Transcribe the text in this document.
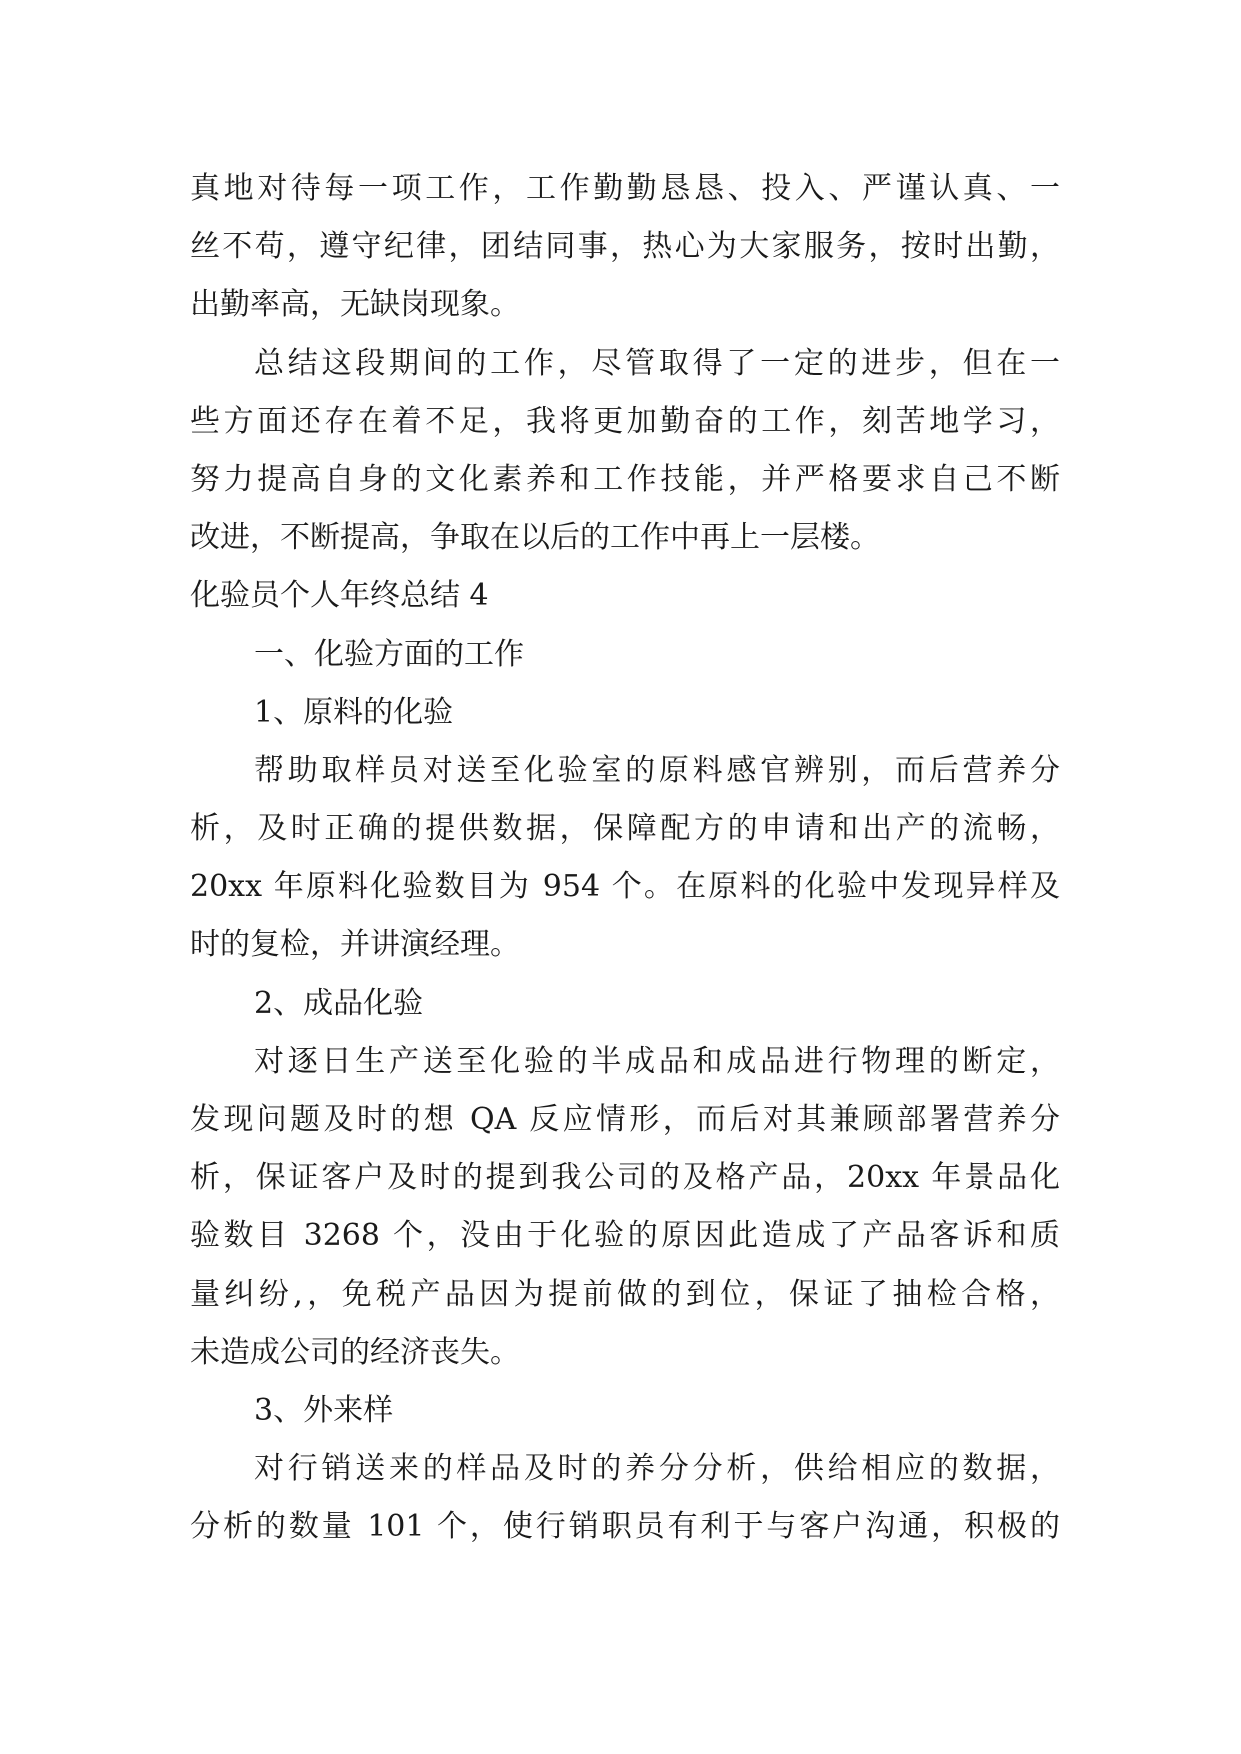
真地对待每一项工作，工作勤勤恳恳、投入、严谨认真、一
丝不苟，遵守纪律，团结同事，热心为大家服务，按时出勤，
出勤率高，无缺岗现象。
总结这段期间的工作，尽管取得了一定的进步，但在一
些方面还存在着不足，我将更加勤奋的工作，刻苦地学习，
努力提高自身的文化素养和工作技能，并严格要求自己不断
改进，不断提高，争取在以后的工作中再上一层楼。
化验员个人年终总结 4
一、化验方面的工作
1、原料的化验
帮助取样员对送至化验室的原料感官辨别，而后营养分
析，及时正确的提供数据，保障配方的申请和出产的流畅，
20xx 年原料化验数目为 954 个。在原料的化验中发现异样及
时的复检，并讲演经理。
2、成品化验
对逐日生产送至化验的半成品和成品进行物理的断定，
发现问题及时的想 QA 反应情形，而后对其兼顾部署营养分
析，保证客户及时的提到我公司的及格产品，20xx 年景品化
验数目 3268 个，没由于化验的原因此造成了产品客诉和质
量纠纷,，免税产品因为提前做的到位，保证了抽检合格，
未造成公司的经济丧失。
3、外来样
对行销送来的样品及时的养分分析，供给相应的数据，
分析的数量 101 个，使行销职员有利于与客户沟通，积极的
